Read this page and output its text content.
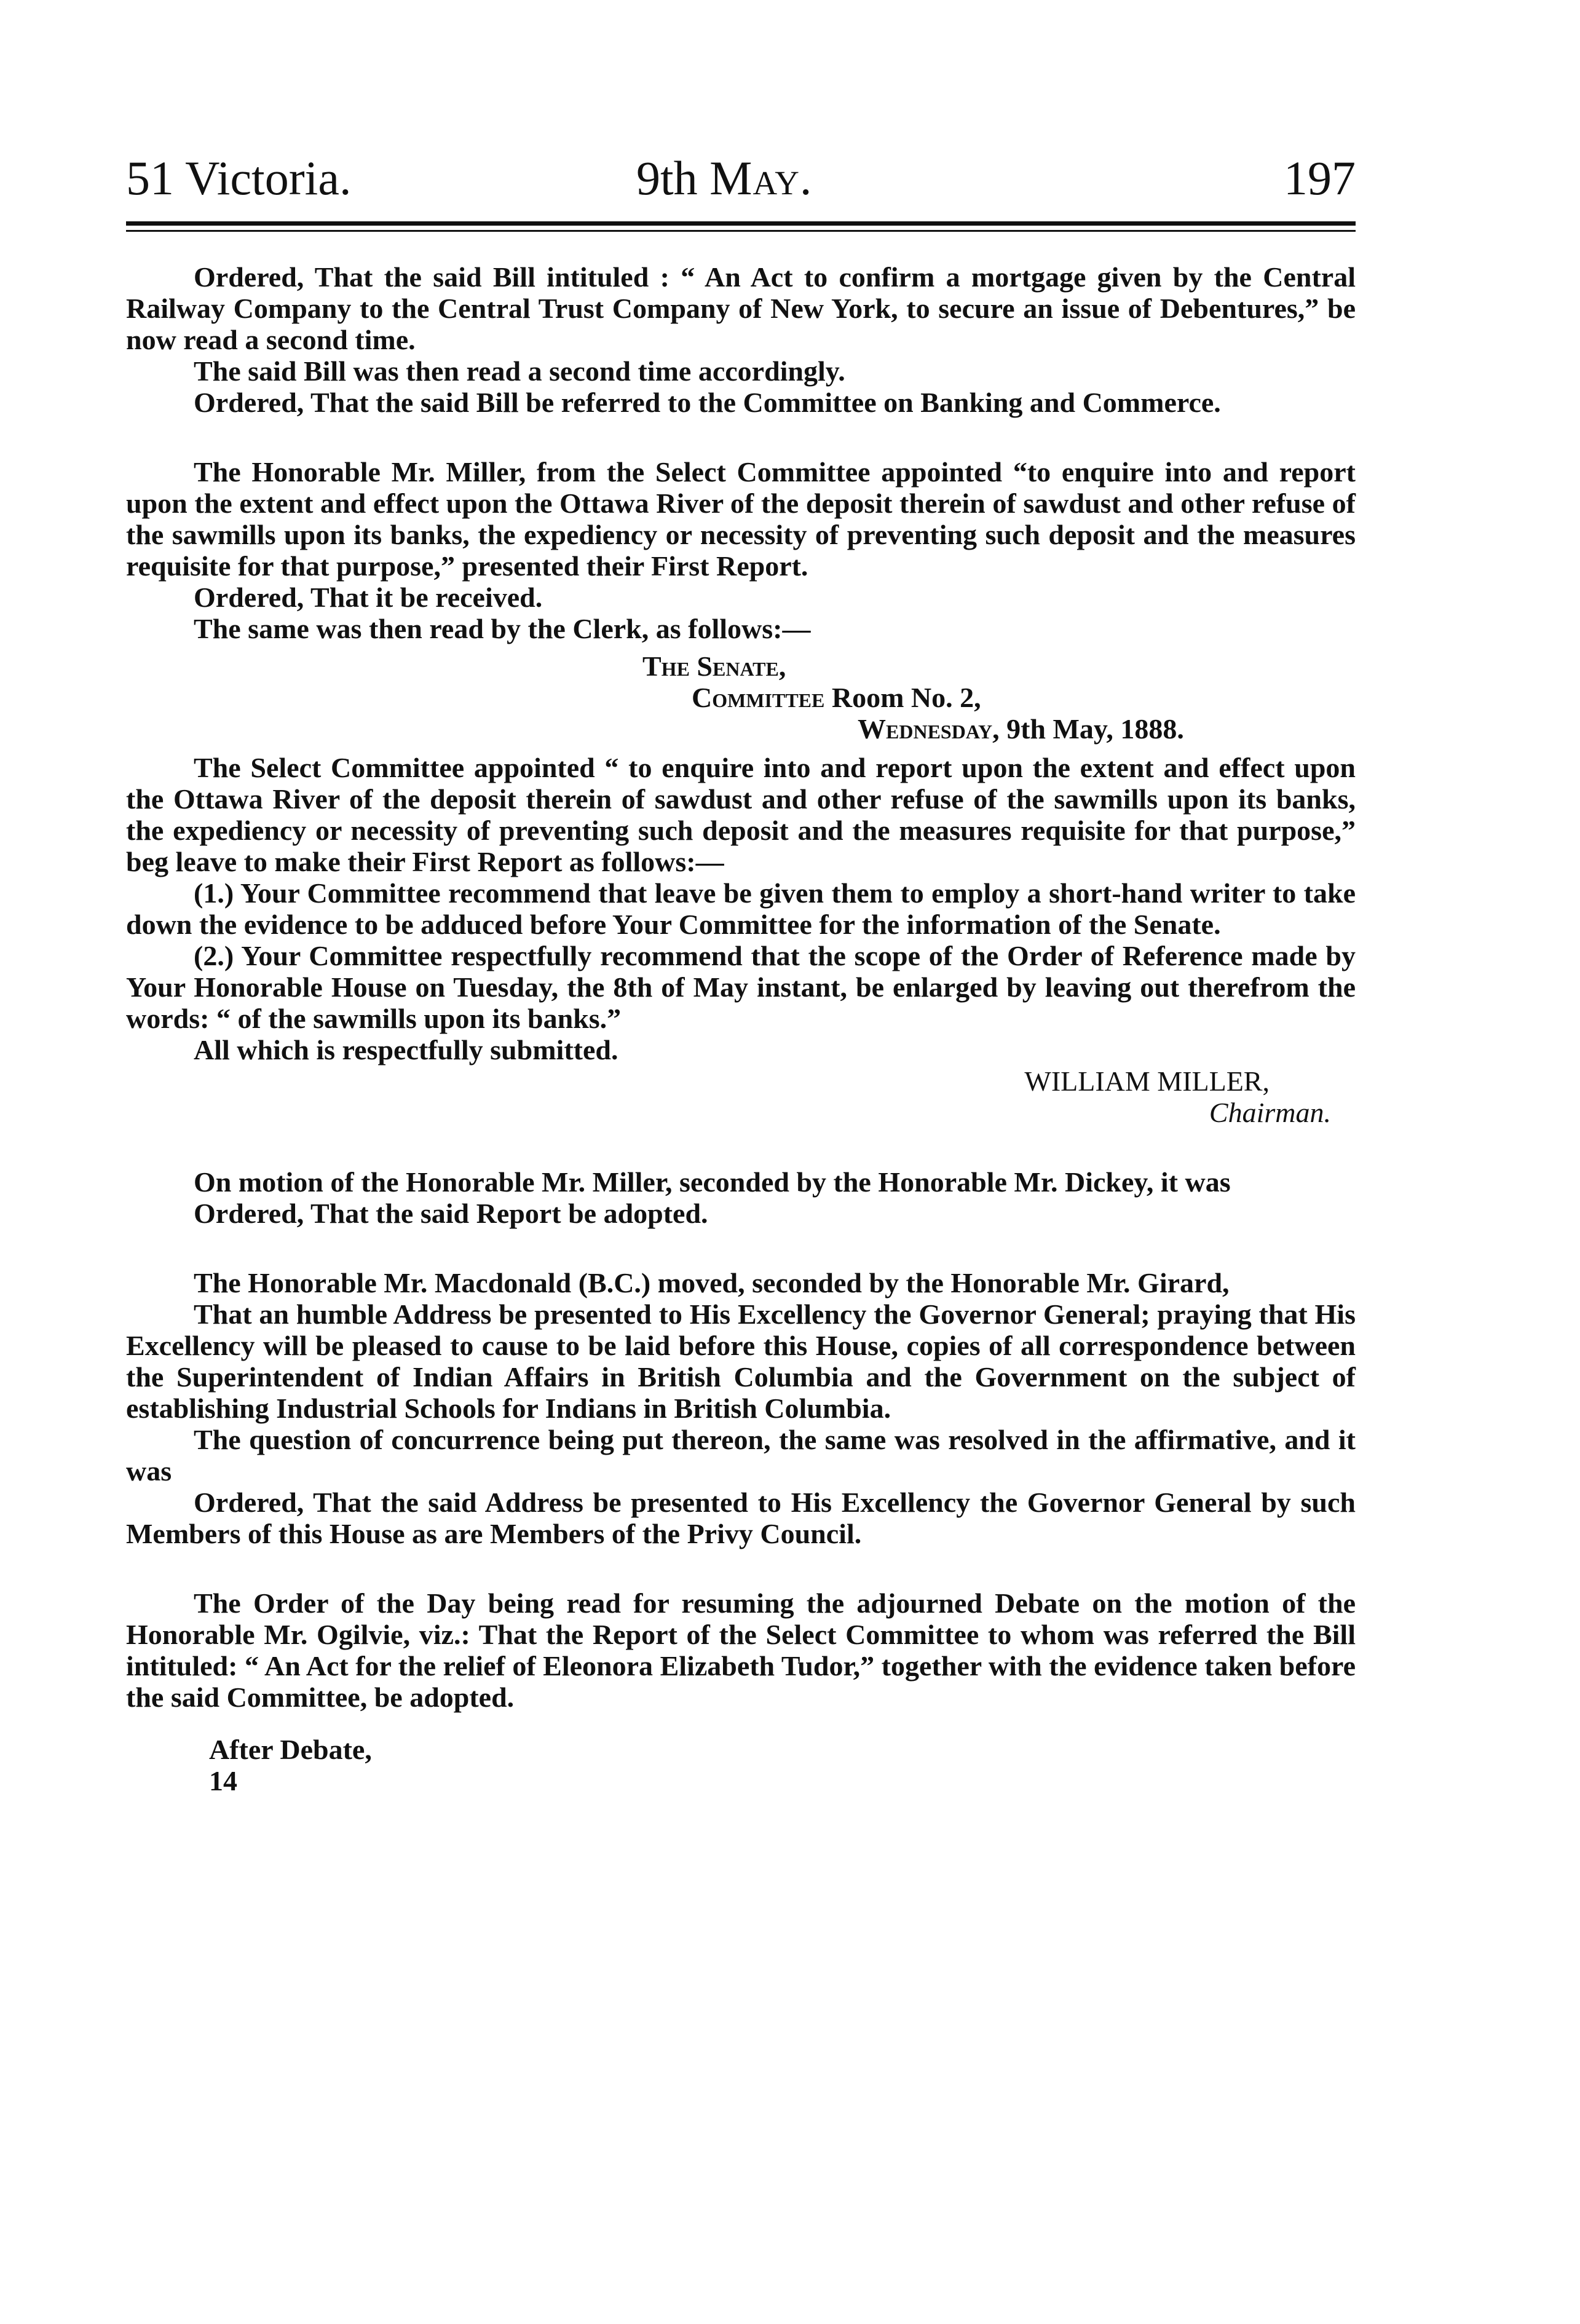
51 Victoria.	9th May.	197

Ordered, That the said Bill intituled : “ An Act to confirm a mortgage given by the Central Railway Company to the Central Trust Company of New York, to secure an issue of Debentures,” be now read a second time.

The said Bill was then read a second time accordingly.

Ordered, That the said Bill be referred to the Committee on Banking and Commerce.

The Honorable Mr. Miller, from the Select Committee appointed “to enquire into and report upon the extent and effect upon the Ottawa River of the deposit therein of sawdust and other refuse of the sawmills upon its banks, the expediency or necessity of preventing such deposit and the measures requisite for that purpose,” presented their First Report.

Ordered, That it be received.

The same was then read by the Clerk, as follows:—

The Senate,
Committee Room No. 2,
Wednesday, 9th May, 1888.

The Select Committee appointed “ to enquire into and report upon the extent and effect upon the Ottawa River of the deposit therein of sawdust and other refuse of the sawmills upon its banks, the expediency or necessity of preventing such deposit and the measures requisite for that purpose,” beg leave to make their First Report as follows:—

(1.) Your Committee recommend that leave be given them to employ a short-hand writer to take down the evidence to be adduced before Your Committee for the information of the Senate.

(2.) Your Committee respectfully recommend that the scope of the Order of Reference made by Your Honorable House on Tuesday, the 8th of May instant, be enlarged by leaving out therefrom the words: “ of the sawmills upon its banks.”

All which is respectfully submitted.

WILLIAM MILLER,
Chairman.

On motion of the Honorable Mr. Miller, seconded by the Honorable Mr. Dickey, it was

Ordered, That the said Report be adopted.

The Honorable Mr. Macdonald (B.C.) moved, seconded by the Honorable Mr. Girard,

That an humble Address be presented to His Excellency the Governor General; praying that His Excellency will be pleased to cause to be laid before this House, copies of all correspondence between the Superintendent of Indian Affairs in British Columbia and the Government on the subject of establishing Industrial Schools for Indians in British Columbia.

The question of concurrence being put thereon, the same was resolved in the affirmative, and it was

Ordered, That the said Address be presented to His Excellency the Governor General by such Members of this House as are Members of the Privy Council.

The Order of the Day being read for resuming the adjourned Debate on the motion of the Honorable Mr. Ogilvie, viz.: That the Report of the Select Committee to whom was referred the Bill intituled: “ An Act for the relief of Eleonora Elizabeth Tudor,” together with the evidence taken before the said Committee, be adopted.

After Debate,

14
